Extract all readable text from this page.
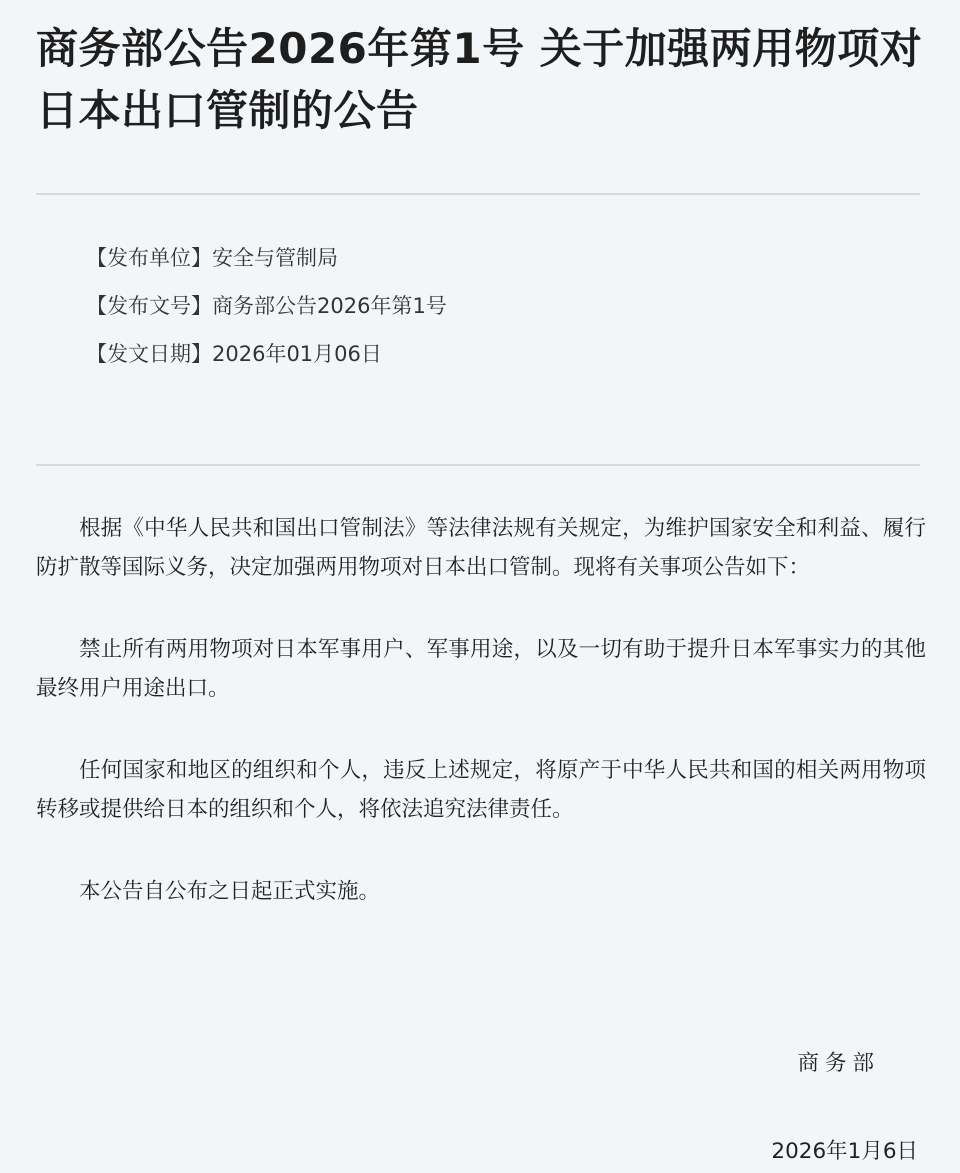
商务部公告2026年第1号 关于加强两用物项对日本出口管制的公告
【发布单位】安全与管制局
【发布文号】商务部公告2026年第1号
【发文日期】2026年01月06日

根据《中华人民共和国出口管制法》等法律法规有关规定，为维护国家安全和利益、履行防扩散等国际义务，决定加强两用物项对日本出口管制。现将有关事项公告如下：

禁止所有两用物项对日本军事用户、军事用途，以及一切有助于提升日本军事实力的其他最终用户用途出口。

任何国家和地区的组织和个人，违反上述规定，将原产于中华人民共和国的相关两用物项转移或提供给日本的组织和个人，将依法追究法律责任。

本公告自公布之日起正式实施。

商务部
2026年1月6日
